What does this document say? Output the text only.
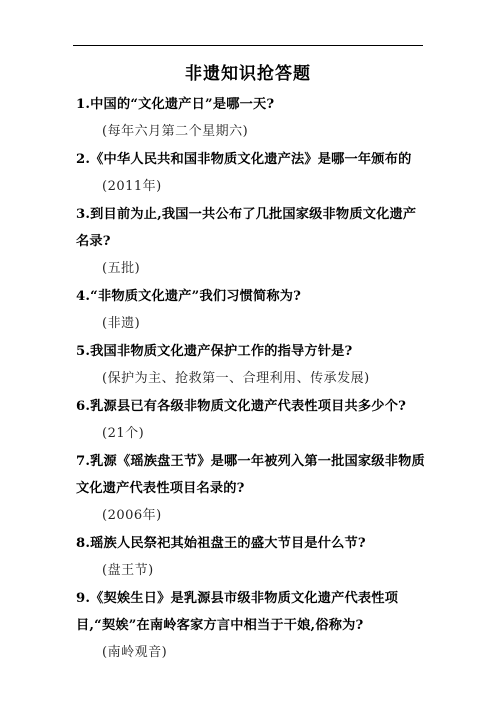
非遗知识抢答题

1.中国的“文化遗产日”是哪一天?

(每年六月第二个星期六)

2.《中华人民共和国非物质文化遗产法》是哪一年颁布的

(2011年)

3.到目前为止,我国一共公布了几批国家级非物质文化遗产名录?

(五批)

4.“非物质文化遗产”我们习惯简称为?

(非遗)

5.我国非物质文化遗产保护工作的指导方针是?

(保护为主、抢救第一、合理利用、传承发展)

6.乳源县已有各级非物质文化遗产代表性项目共多少个?

(21个)

7.乳源《瑶族盘王节》是哪一年被列入第一批国家级非物质文化遗产代表性项目名录的?

(2006年)

8.瑶族人民祭祀其始祖盘王的盛大节目是什么节?

(盘王节)

9.《契娭生日》是乳源县市级非物质文化遗产代表性项目,“契娭”在南岭客家方言中相当于干娘,俗称为?

(南岭观音)
